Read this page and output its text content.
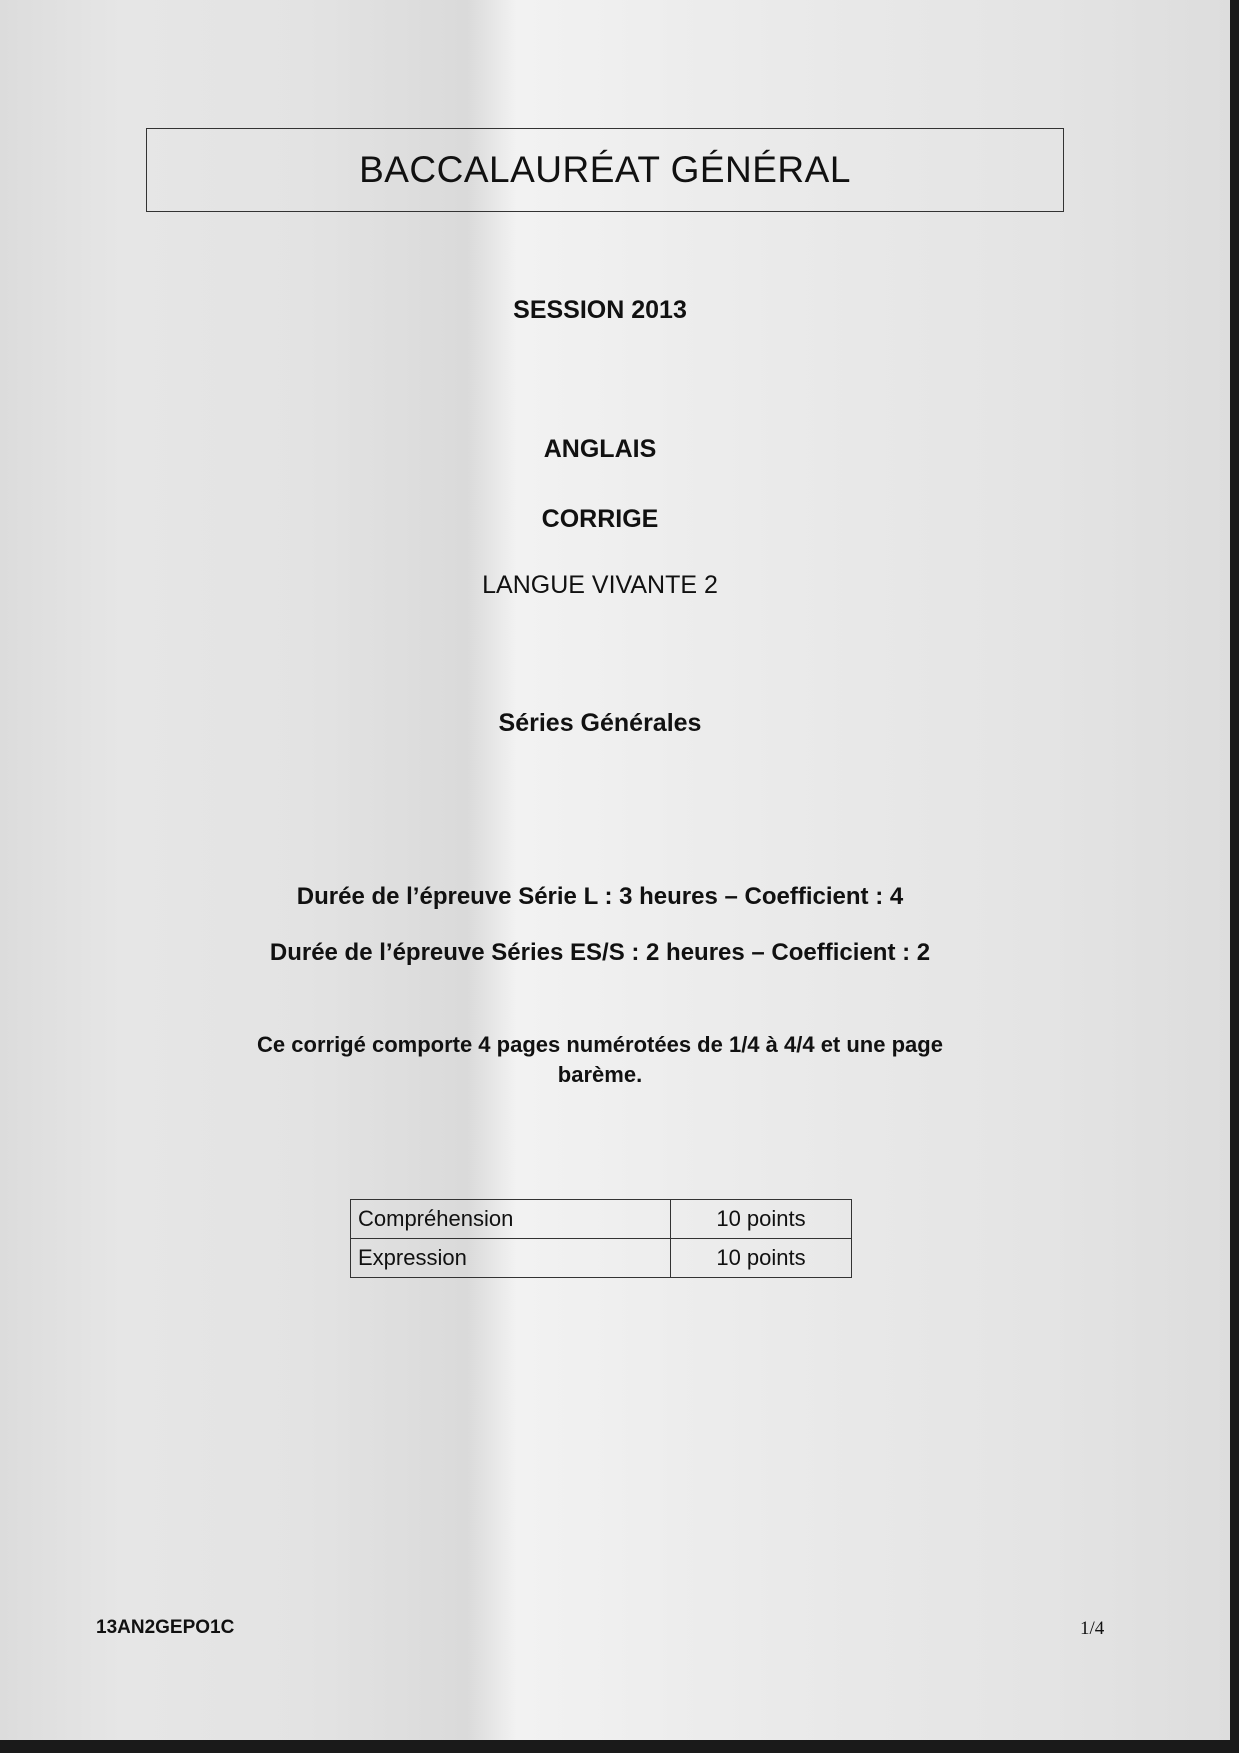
BACCALAURÉAT GÉNÉRAL
SESSION 2013
ANGLAIS
CORRIGE
LANGUE VIVANTE 2
Séries Générales
Durée de l’épreuve Série L : 3 heures – Coefficient : 4
Durée de l’épreuve Séries ES/S : 2 heures – Coefficient : 2
Ce corrigé comporte 4 pages numérotées de 1/4 à 4/4 et une page
barème.
Compréhension	10 points
Expression	10 points
13AN2GEPO1C	1/4
